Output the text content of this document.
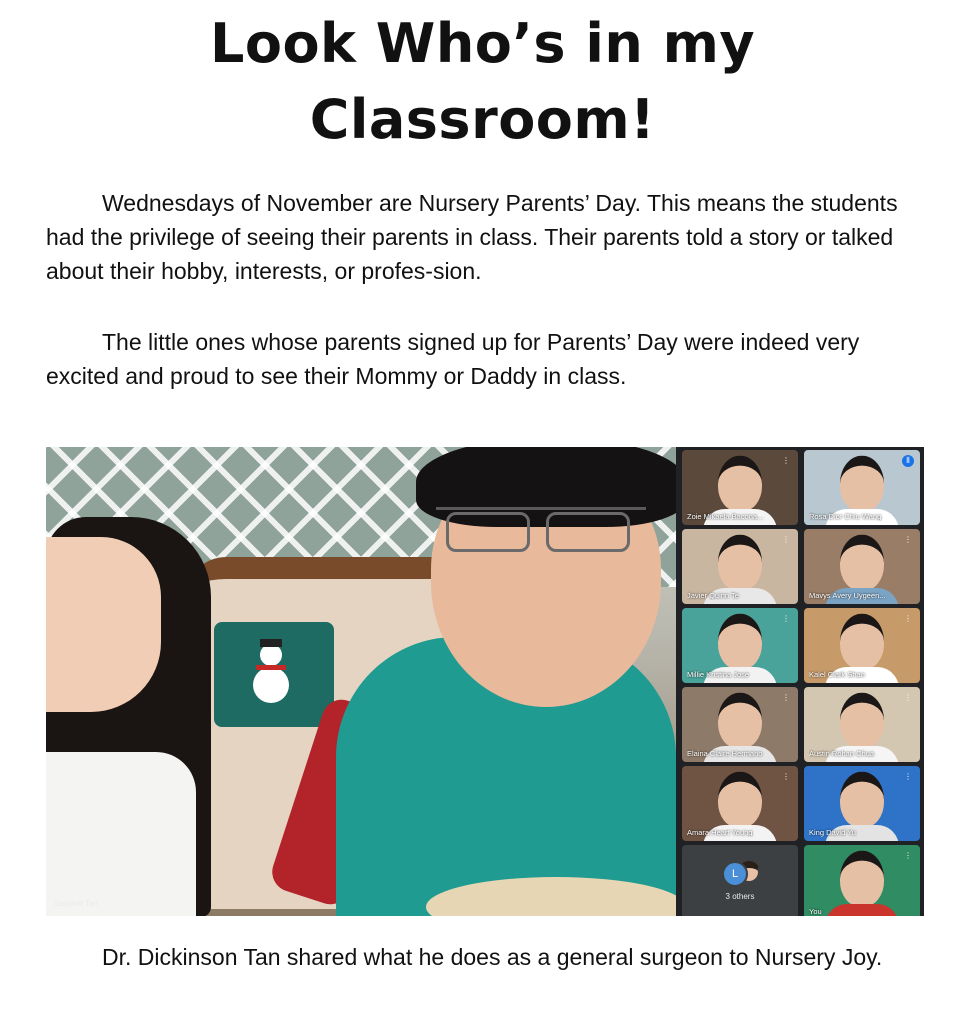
Look Who’s in my
Classroom!

Wednesdays of November are Nursery Parents’ Day. This means the students had the privilege of seeing their parents in class. Their parents told a story or talked about their hobby, interests, or profes-sion.

The little ones whose parents signed up for Parents’ Day were indeed very excited and proud to see their Mommy or Daddy in class.

Sanskrit Tan
⋮
Zoie Mikaela Bacona...
⦀
Rosa Dior Chiu Wang
⋮
Javier Quinn Te
⋮
Mavys Avery Uygeen...
⋮
Millie Kristina Jose
⋮
Kalel Clark Shan
⋮
Elaina Claire Hermano
⋮
Austin Rohan Chua
⋮
Amara Heart Young
⋮
King David Yu
L
3 others
⋮
You

Dr. Dickinson Tan shared what he does as a general surgeon to Nursery Joy.
